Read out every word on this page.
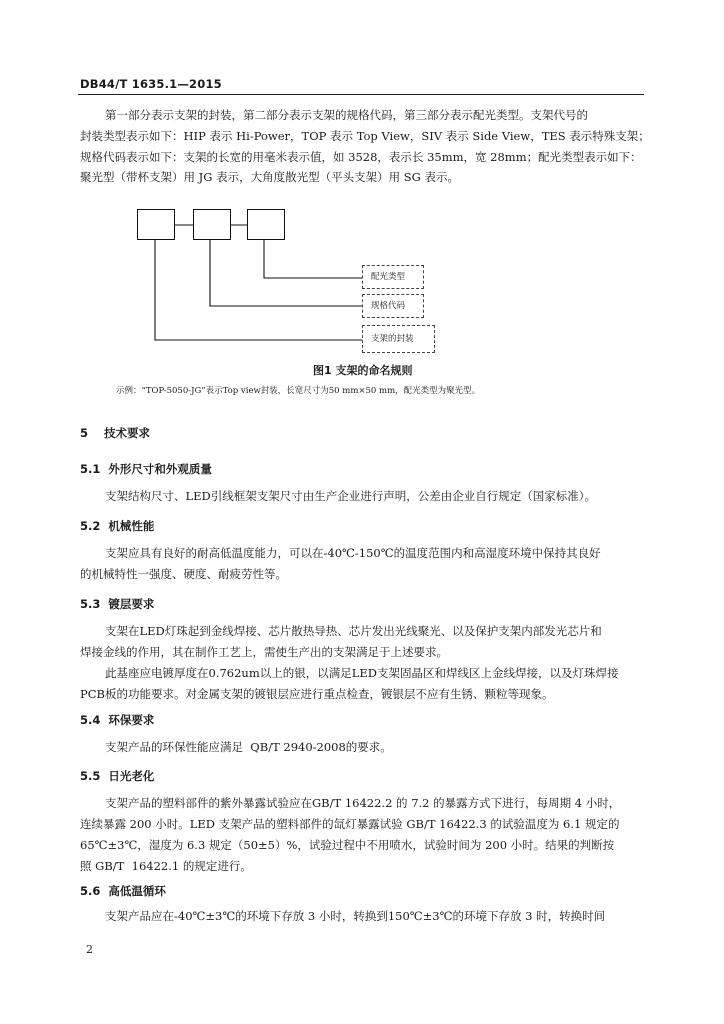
DB44/T 1635.1—2015
第一部分表示支架的封装，第二部分表示支架的规格代码，第三部分表示配光类型。支架代号的
封装类型表示如下：HIP 表示 Hi-Power，TOP 表示 Top View，SIV 表示 Side View，TES 表示特殊支架；
规格代码表示如下：支架的长宽的用毫米表示值，如 3528，表示长 35mm，宽 28mm；配光类型表示如下：
聚光型（带杯支架）用 JG 表示，大角度散光型（平头支架）用 SG 表示。
配光类型
规格代码
支架的封装
图1 支架的命名规则
示例：“TOP-5050-JG”表示Top view封装，长宽尺寸为50 mm×50 mm，配光类型为聚光型。
5    技术要求
5.1  外形尺寸和外观质量
支架结构尺寸、LED引线框架支架尺寸由生产企业进行声明，公差由企业自行规定（国家标准）。
5.2  机械性能
支架应具有良好的耐高低温度能力，可以在-40℃-150℃的温度范围内和高湿度环境中保持其良好
的机械特性一强度、硬度、耐疲劳性等。
5.3  镀层要求
支架在LED灯珠起到金线焊接、芯片散热导热、芯片发出光线聚光、以及保护支架内部发光芯片和
焊接金线的作用，其在制作工艺上，需使生产出的支架满足于上述要求。
此基座应电镀厚度在0.762um以上的银，以满足LED支架固晶区和焊线区上金线焊接，以及灯珠焊接
PCB板的功能要求。对金属支架的镀银层应进行重点检查，镀银层不应有生锈、颗粒等现象。
5.4  环保要求
支架产品的环保性能应满足  QB/T 2940-2008的要求。
5.5  日光老化
支架产品的塑料部件的紫外暴露试验应在GB/T 16422.2 的 7.2 的暴露方式下进行，每周期 4 小时，
连续暴露 200 小时。LED 支架产品的塑料部件的氙灯暴露试验 GB/T 16422.3 的试验温度为 6.1 规定的
65℃±3℃，湿度为 6.3 规定（50±5）%，试验过程中不用喷水，试验时间为 200 小时。结果的判断按
照 GB/T  16422.1 的规定进行。
5.6  高低温循环
支架产品应在-40℃±3℃的环境下存放 3 小时，转换到150℃±3℃的环境下存放 3 时，转换时间
2
